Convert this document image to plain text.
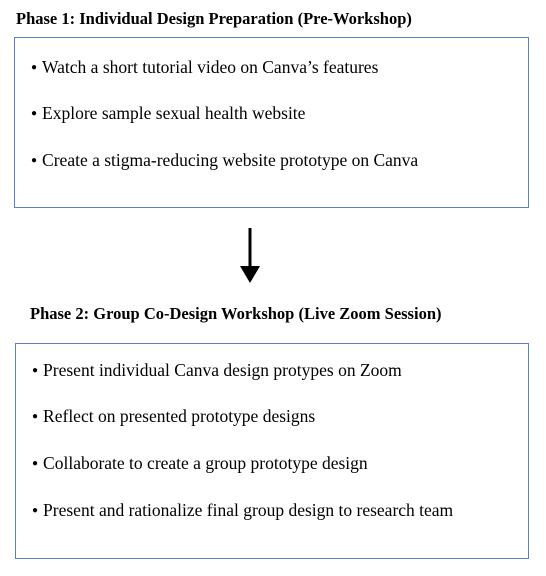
Phase 1: Individual Design Preparation (Pre-Workshop)
● Watch a short tutorial video on Canva’s features
● Explore sample sexual health website
● Create a stigma-reducing website prototype on Canva
Phase 2: Group Co-Design Workshop (Live Zoom Session)
● Present individual Canva design protypes on Zoom
● Reflect on presented prototype designs
● Collaborate to create a group prototype design
● Present and rationalize final group design to research team
